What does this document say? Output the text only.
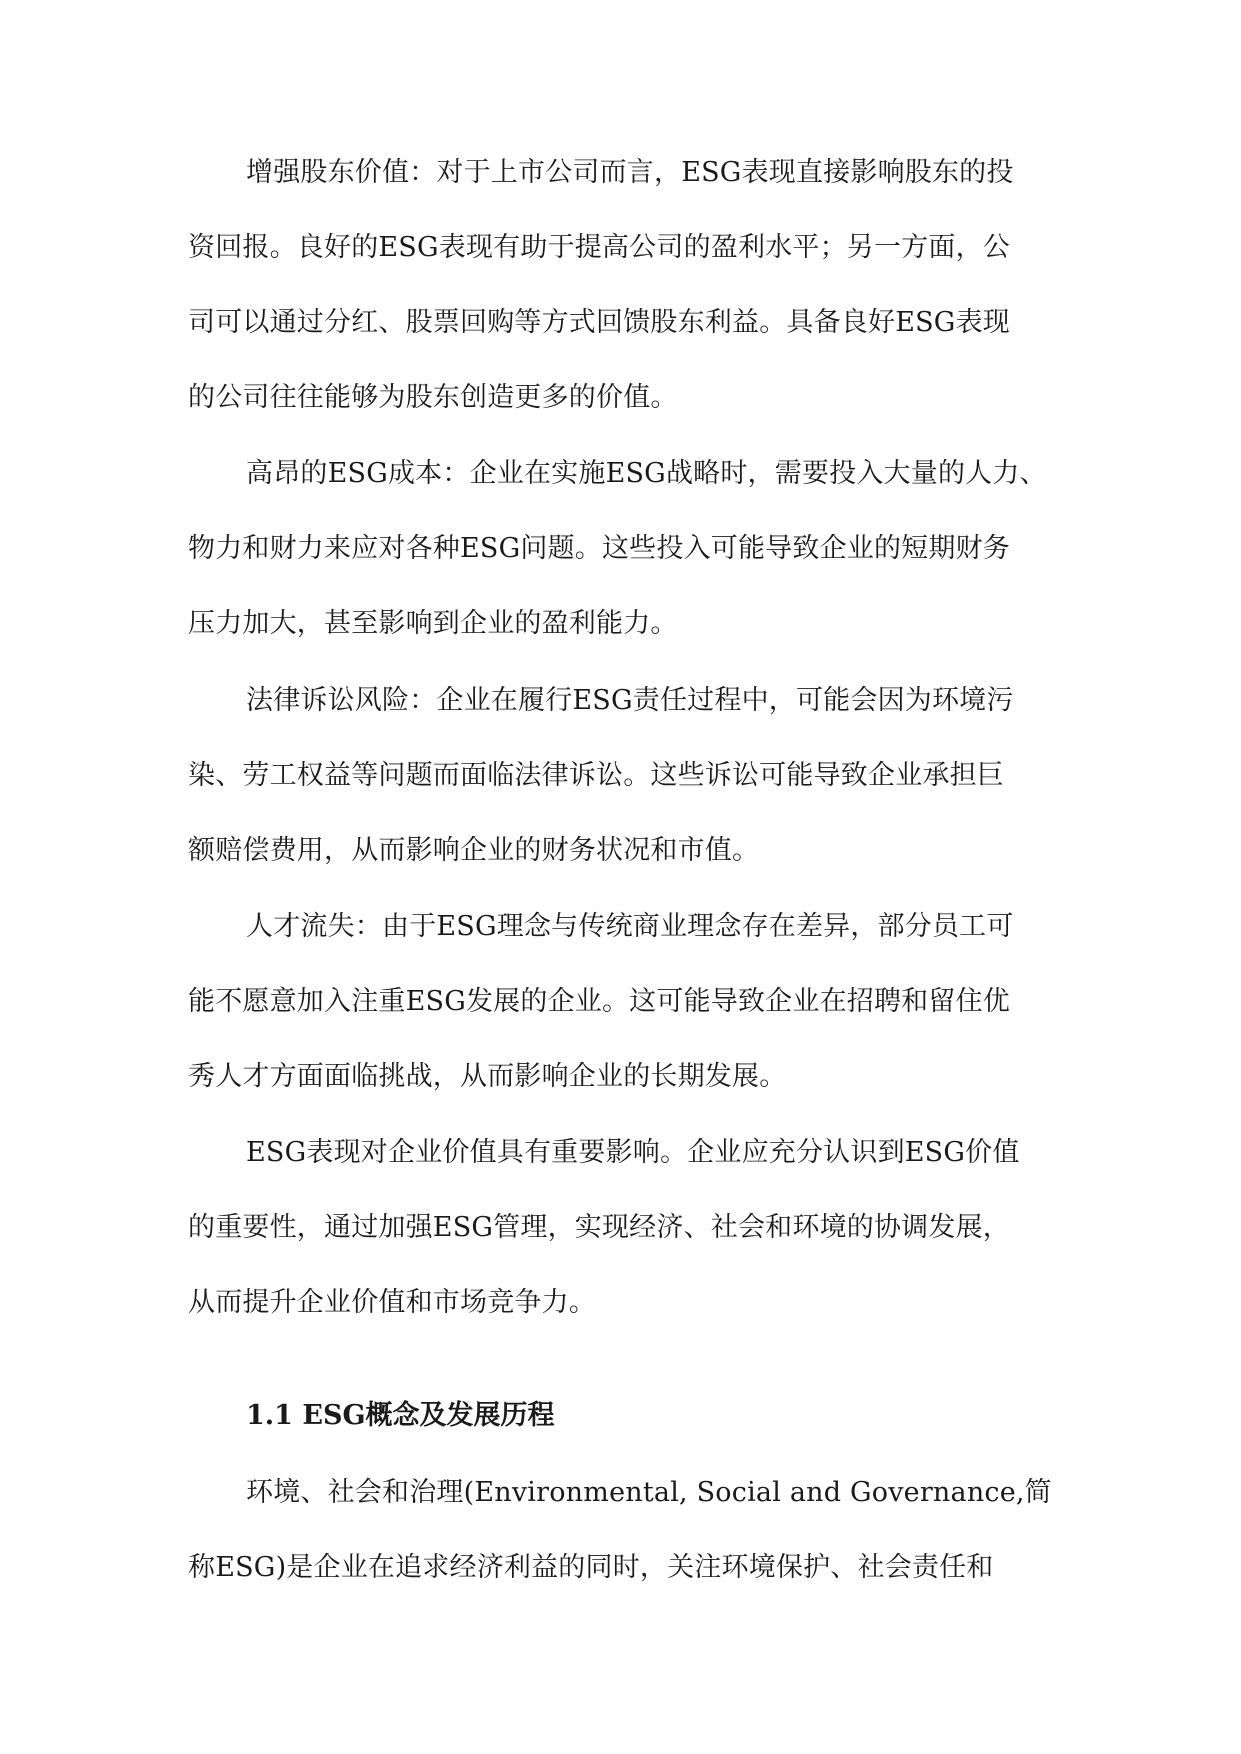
增强股东价值：对于上市公司而言，ESG表现直接影响股东的投
资回报。良好的ESG表现有助于提高公司的盈利水平；另一方面，公
司可以通过分红、股票回购等方式回馈股东利益。具备良好ESG表现
的公司往往能够为股东创造更多的价值。
高昂的ESG成本：企业在实施ESG战略时，需要投入大量的人力、
物力和财力来应对各种ESG问题。这些投入可能导致企业的短期财务
压力加大，甚至影响到企业的盈利能力。
法律诉讼风险：企业在履行ESG责任过程中，可能会因为环境污
染、劳工权益等问题而面临法律诉讼。这些诉讼可能导致企业承担巨
额赔偿费用，从而影响企业的财务状况和市值。
人才流失：由于ESG理念与传统商业理念存在差异，部分员工可
能不愿意加入注重ESG发展的企业。这可能导致企业在招聘和留住优
秀人才方面面临挑战，从而影响企业的长期发展。
ESG表现对企业价值具有重要影响。企业应充分认识到ESG价值
的重要性，通过加强ESG管理，实现经济、社会和环境的协调发展，
从而提升企业价值和市场竞争力。
1.1 ESG概念及发展历程
环境、社会和治理(Environmental, Social and Governance,简
称ESG)是企业在追求经济利益的同时，关注环境保护、社会责任和
